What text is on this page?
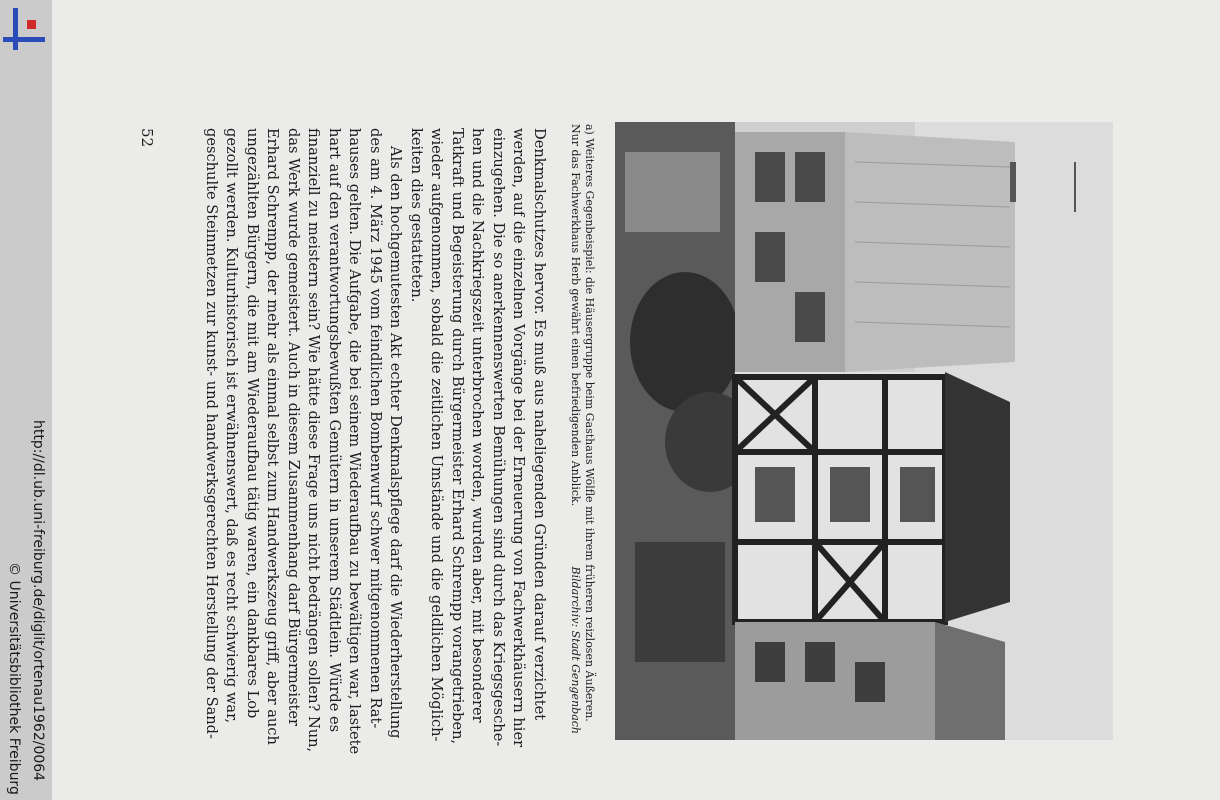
a) Weiteres Gegenbeispiel: die Häusergruppe beim Gasthaus Wölfle mit ihrem früheren reizlosen Äußeren.
Nur das Fachwerkhaus Herb gewährt einen befriedigenden Anblick.
Bildarchiv: Stadt Gengenbach
Denkmalschutzes hervor. Es muß aus naheliegenden Gründen darauf verzichtet
werden, auf die einzelnen Vorgänge bei der Erneuerung von Fachwerkhäusern hier
einzugehen. Die so anerkennenswerten Bemühungen sind durch das Kriegsgesche-
hen und die Nachkriegszeit unterbrochen worden, wurden aber, mit besonderer
Tatkraft und Begeisterung durch Bürgermeister Erhard Schrempp vorangetrieben,
wieder aufgenommen, sobald die zeitlichen Umstände und die geldlichen Möglich-
keiten dies gestatteten.
Als den hochgemutesten Akt echter Denkmalspflege darf die Wiederherstellung
des am 4. März 1945 vom feindlichen Bombenwurf schwer mitgenommenen Rat-
hauses gelten. Die Aufgabe, die bei seinem Wiederaufbau zu bewältigen war, lastete
hart auf den verantwortungsbewußten Gemütern in unserem Städtlein. Würde es
finanziell zu meistern sein? Wie hätte diese Frage uns nicht bedrängen sollen? Nun,
das Werk wurde gemeistert. Auch in diesem Zusammenhang darf Bürgermeister
Erhard Schrempp, der mehr als einmal selbst zum Handwerkszeug griff, aber auch
ungezählten Bürgern, die mit am Wiederaufbau tätig waren, ein dankbares Lob
gezollt werden. Kulturhistorisch ist erwähnenswert, daß es recht schwierig war,
geschulte Steinmetzen zur kunst- und handwerksgerechten Herstellung der Sand-
52
http://dl.ub.uni-freiburg.de/diglit/ortenau1962/0064
© Universitätsbibliothek Freiburg
